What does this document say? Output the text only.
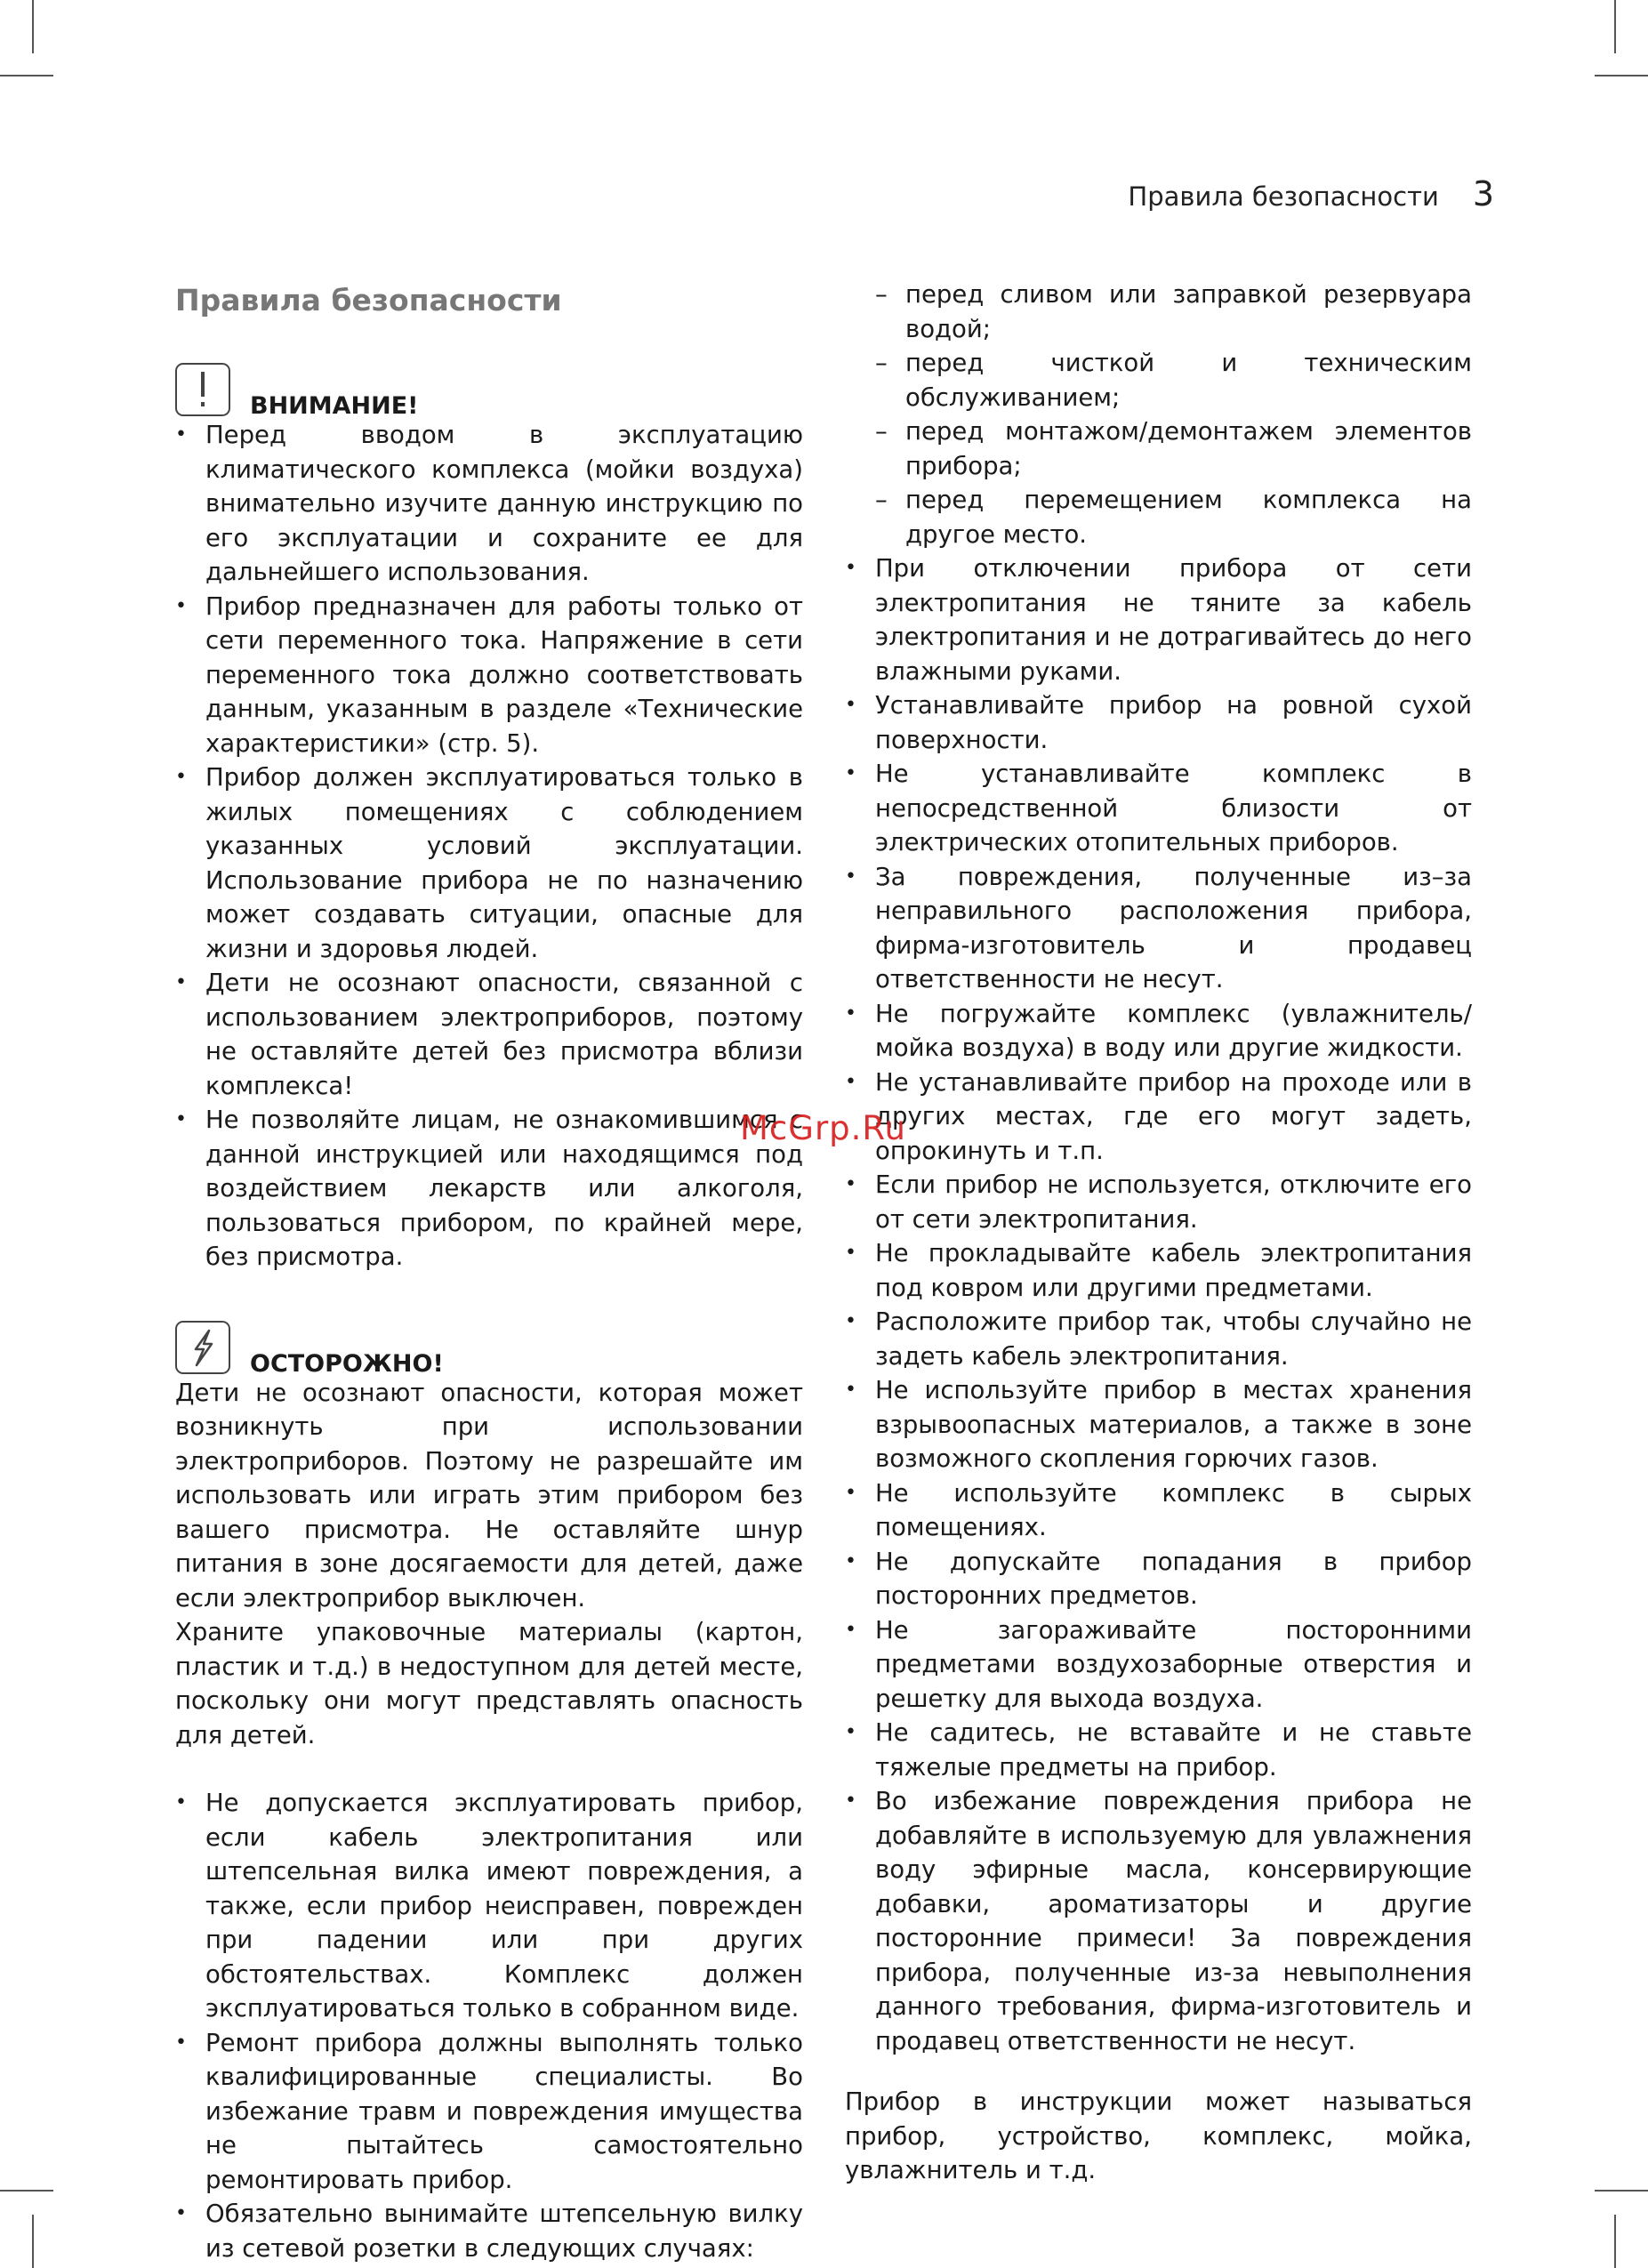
Правила безопасности 3
Правила безопасности
ВНИМАНИЕ!
• Перед вводом в эксплуатацию климатического комплекса (мойки воздуха) внимательно изучите данную инструкцию по его эксплуатации и сохраните ее для дальнейшего использования.
• Прибор предназначен для работы только от сети переменного тока. Напряжение в сети переменного тока должно соответствовать данным, указанным в разделе «Технические характеристики» (стр. 5).
• Прибор должен эксплуатироваться только в жилых помещениях с соблюдением указанных условий эксплуатации. Использование прибора не по назначению может создавать ситуации, опасные для жизни и здоровья людей.
• Дети не осознают опасности, связанной с использованием электроприборов, поэтому не оставляйте детей без присмотра вблизи комплекса!
• Не позволяйте лицам, не ознакомившимся с данной инструкцией или находящимся под воздействием лекарств или алкоголя, пользоваться прибором, по крайней мере, без присмотра.
ОСТОРОЖНО!

Дети не осознают опасности, которая может возникнуть при использовании электроприборов. Поэтому не разрешайте им использовать или играть этим прибором без вашего присмотра. Не оставляйте шнур питания в зоне досягаемости для детей, даже если электроприбор выключен.

Храните упаковочные материалы (картон, пластик и т.д.) в недоступном для детей месте, поскольку они могут представлять опасность для детей.

• Не допускается эксплуатировать прибор, если кабель электропитания или штепсельная вилка имеют повреждения, а также, если прибор неисправен, поврежден при падении или при других обстоятельствах. Комплекс должен эксплуатироваться только в собранном виде.
• Ремонт прибора должны выполнять только квалифицированные специалисты. Во избежание травм и повреждения имущества не пытайтесь самостоятельно ремонтировать прибор.
• Обязательно вынимайте штепсельную вилку из сетевой розетки в следующих случаях:
– перед сливом или заправкой резервуара водой;
– перед чисткой и техническим обслуживанием;
– перед монтажом/демонтажем элементов прибора;
– перед перемещением комплекса на другое место.
• При отключении прибора от сети электропитания не тяните за кабель электропитания и не дотрагивайтесь до него влажными руками.
• Устанавливайте прибор на ровной сухой поверхности.
• Не устанавливайте комплекс в непосредственной близости от электрических отопительных приборов.
• За повреждения, полученные из–за неправильного расположения прибора, фирма-изготовитель и продавец ответственности не несут.
• Не погружайте комплекс (увлажнитель/мойка воздуха) в воду или другие жидкости.
• Не устанавливайте прибор на проходе или в других местах, где его могут задеть, опрокинуть и т.п.
• Если прибор не используется, отключите его от сети электропитания.
• Не прокладывайте кабель электропитания под ковром или другими предметами.
• Расположите прибор так, чтобы случайно не задеть кабель электропитания.
• Не используйте прибор в местах хранения взрывоопасных материалов, а также в зоне возможного скопления горючих газов.
• Не используйте комплекс в сырых помещениях.
• Не допускайте попадания в прибор посторонних предметов.
• Не загораживайте посторонними предметами воздухозаборные отверстия и решетку для выхода воздуха.
• Не садитесь, не вставайте и не ставьте тяжелые предметы на прибор.
• Во избежание повреждения прибора не добавляйте в используемую для увлажнения воду эфирные масла, консервирующие добавки, ароматизаторы и другие посторонние примеси! За повреждения прибора, полученные из-за невыполнения данного требования, фирма-изготовитель и продавец ответственности не несут.

Прибор в инструкции может называться прибор, устройство, комплекс, мойка, увлажнитель и т.д.

McGrp.Ru
